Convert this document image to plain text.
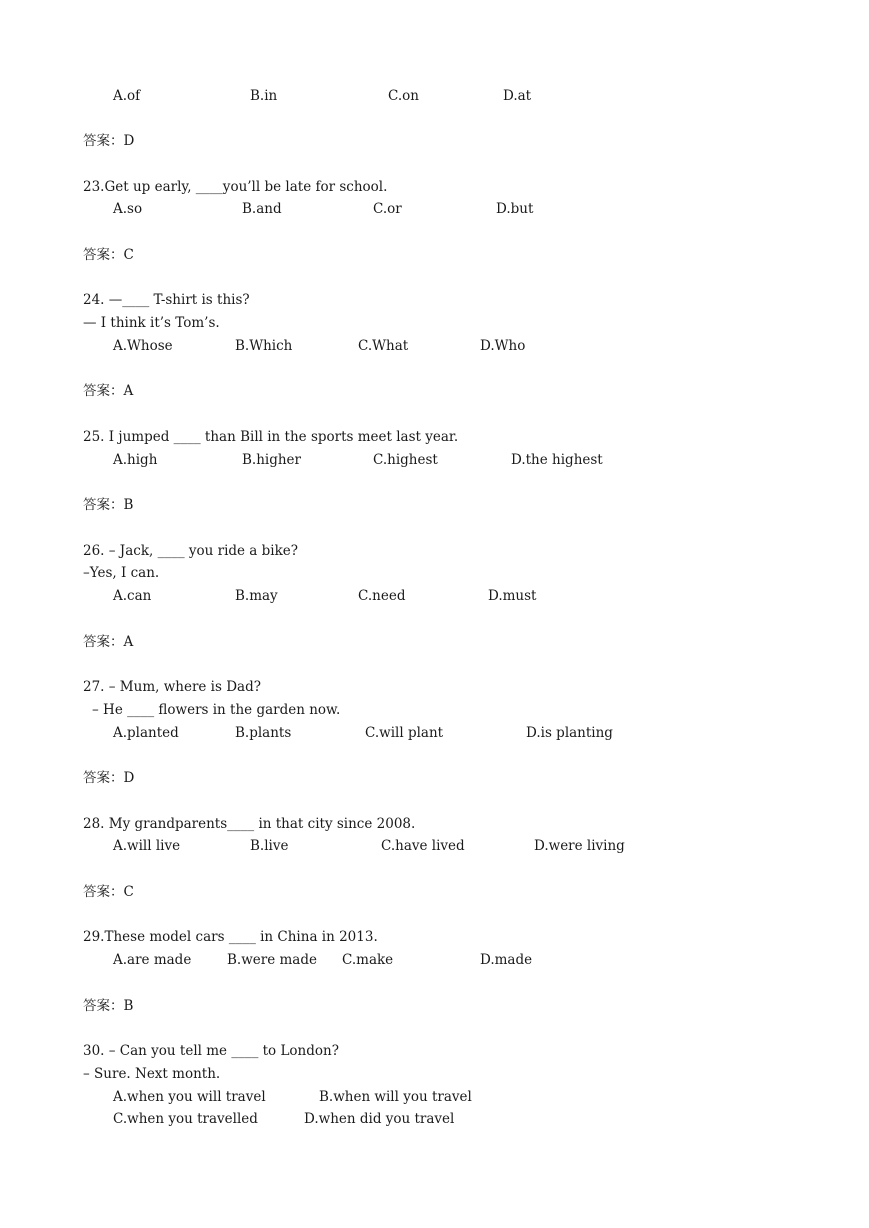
A.of	B.in	C.on	D.at
答案：D
23.Get up early, ____you’ll be late for school.
A.so	B.and	C.or	D.but
答案：C
24. —____ T-shirt is this?
— I think it’s Tom’s.
A.Whose	B.Which	C.What	D.Who
答案：A
25. I jumped ____ than Bill in the sports meet last year.
A.high	B.higher	C.highest	D.the highest
答案：B
26. – Jack, ____ you ride a bike?
–Yes, I can.
A.can	B.may	C.need	D.must
答案：A
27. – Mum, where is Dad?
– He ____ flowers in the garden now.
A.planted	B.plants	C.will plant	D.is planting
答案：D
28. My grandparents____ in that city since 2008.
A.will live	B.live	C.have lived	D.were living
答案：C
29.These model cars ____ in China in 2013.
A.are made	B.were made C.make	D.made
答案：B
30. – Can you tell me ____ to London?
– Sure. Next month.
A.when you will travel	B.when will you travel
C.when you travelled	D.when did you travel
